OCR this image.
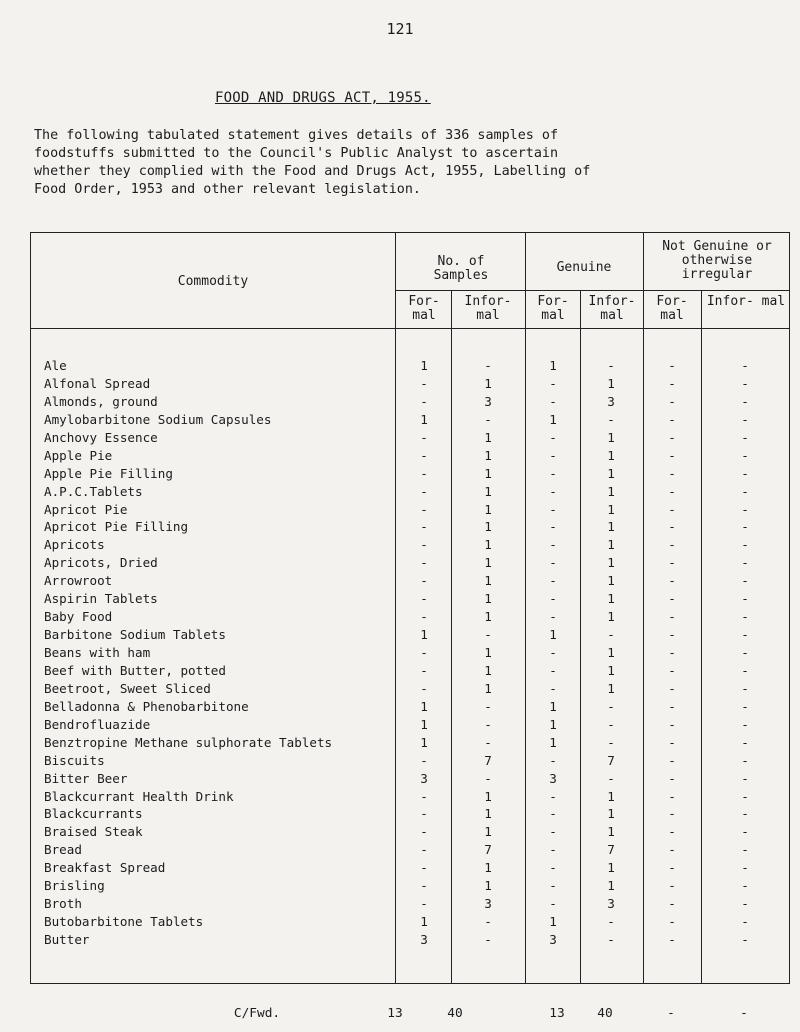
121
FOOD AND DRUGS ACT, 1955.
The following tabulated statement gives details of 336 samples of
foodstuffs submitted to the Council's Public Analyst to ascertain
whether they complied with the Food and Drugs Act, 1955, Labelling of
Food Order, 1953 and other relevant legislation.
Commodity
No. of Samples
Genuine
Not Genuine or otherwise irregular
For- mal
Infor- mal
For- mal
Infor- mal
For- mal
Infor- mal
Ale	1	-	1	-	-	-
Alfonal Spread	-	1	-	1	-	-
Almonds, ground	-	3	-	3	-	-
Amylobarbitone Sodium Capsules	1	-	1	-	-	-
Anchovy Essence	-	1	-	1	-	-
Apple Pie	-	1	-	1	-	-
Apple Pie Filling	-	1	-	1	-	-
A.P.C.Tablets	-	1	-	1	-	-
Apricot Pie	-	1	-	1	-	-
Apricot Pie Filling	-	1	-	1	-	-
Apricots	-	1	-	1	-	-
Apricots, Dried	-	1	-	1	-	-
Arrowroot	-	1	-	1	-	-
Aspirin Tablets	-	1	-	1	-	-
Baby Food	-	1	-	1	-	-
Barbitone Sodium Tablets	1	-	1	-	-	-
Beans with ham	-	1	-	1	-	-
Beef with Butter, potted	-	1	-	1	-	-
Beetroot, Sweet Sliced	-	1	-	1	-	-
Belladonna & Phenobarbitone	1	-	1	-	-	-
Bendrofluazide	1	-	1	-	-	-
Benztropine Methane sulphorate Tablets	1	-	1	-	-	-
Biscuits	-	7	-	7	-	-
Bitter Beer	3	-	3	-	-	-
Blackcurrant Health Drink	-	1	-	1	-	-
Blackcurrants	-	1	-	1	-	-
Braised Steak	-	1	-	1	-	-
Bread	-	7	-	7	-	-
Breakfast Spread	-	1	-	1	-	-
Brisling	-	1	-	1	-	-
Broth	-	3	-	3	-	-
Butobarbitone Tablets	1	-	1	-	-	-
Butter	3	-	3	-	-	-
C/Fwd.	13	40	13	40	-	-
